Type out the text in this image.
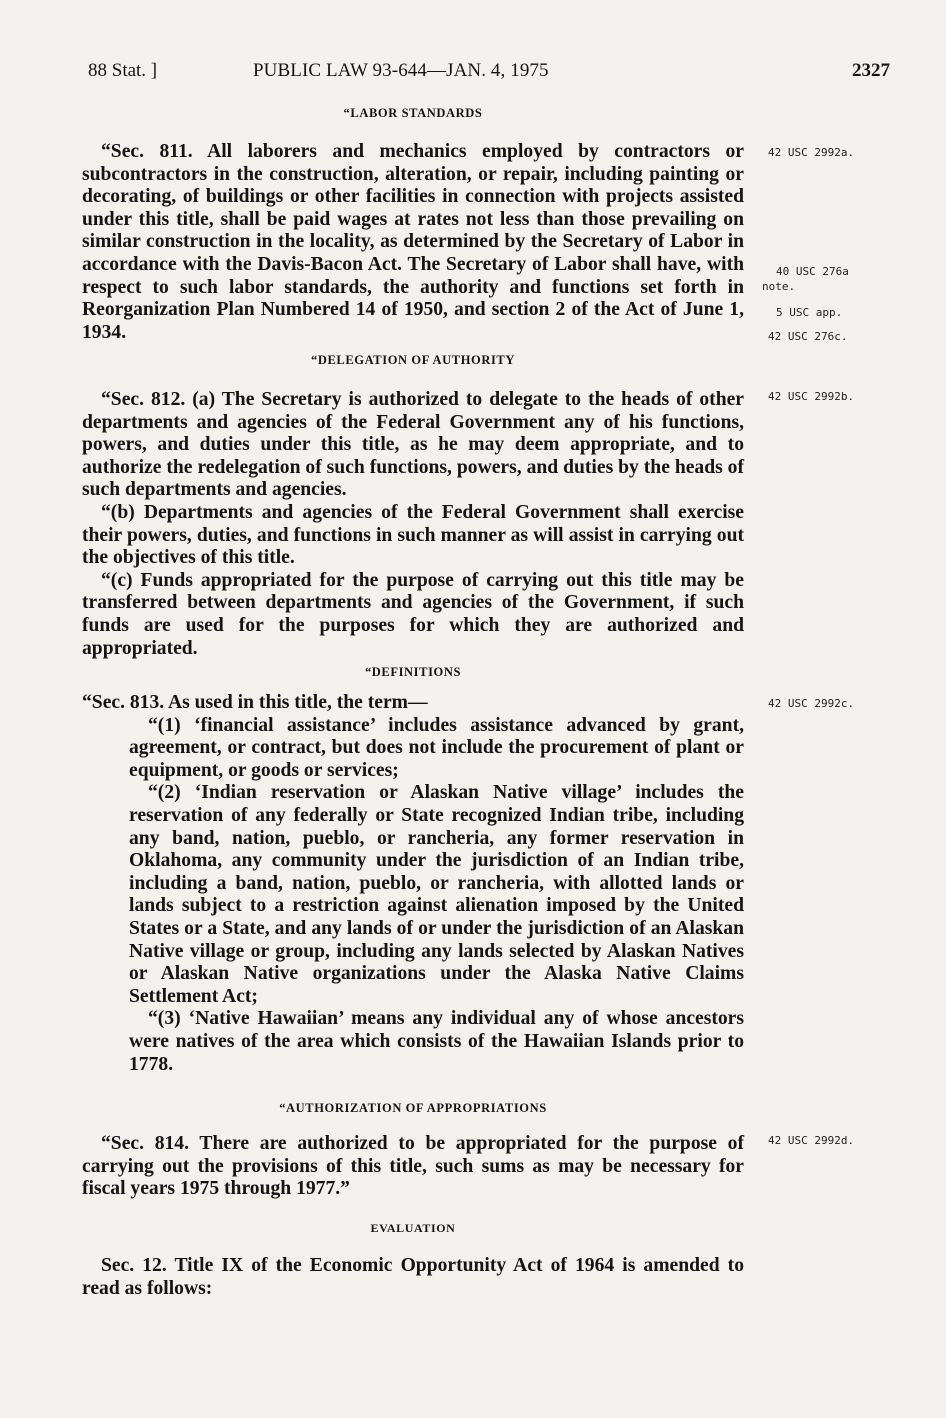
88 Stat. ]	PUBLIC LAW 93-644—JAN. 4, 1975	2327
“LABOR STANDARDS

“Sec. 811. All laborers and mechanics employed by contractors or subcontractors in the construction, alteration, or repair, including painting or decorating, of buildings or other facilities in connection with projects assisted under this title, shall be paid wages at rates not less than those prevailing on similar construction in the locality, as determined by the Secretary of Labor in accordance with the Davis-Bacon Act. The Secretary of Labor shall have, with respect to such labor standards, the authority and functions set forth in Reorganization Plan Numbered 14 of 1950, and section 2 of the Act of June 1, 1934.

“DELEGATION OF AUTHORITY

“Sec. 812. (a) The Secretary is authorized to delegate to the heads of other departments and agencies of the Federal Government any of his functions, powers, and duties under this title, as he may deem appropriate, and to authorize the redelegation of such functions, powers, and duties by the heads of such departments and agencies.

“(b) Departments and agencies of the Federal Government shall exercise their powers, duties, and functions in such manner as will assist in carrying out the objectives of this title.

“(c) Funds appropriated for the purpose of carrying out this title may be transferred between departments and agencies of the Government, if such funds are used for the purposes for which they are authorized and appropriated.

“DEFINITIONS

“Sec. 813. As used in this title, the term—

“(1) ‘financial assistance’ includes assistance advanced by grant, agreement, or contract, but does not include the procurement of plant or equipment, or goods or services;

“(2) ‘Indian reservation or Alaskan Native village’ includes the reservation of any federally or State recognized Indian tribe, including any band, nation, pueblo, or rancheria, any former reservation in Oklahoma, any community under the jurisdiction of an Indian tribe, including a band, nation, pueblo, or rancheria, with allotted lands or lands subject to a restriction against alienation imposed by the United States or a State, and any lands of or under the jurisdiction of an Alaskan Native village or group, including any lands selected by Alaskan Natives or Alaskan Native organizations under the Alaska Native Claims Settlement Act;

“(3) ‘Native Hawaiian’ means any individual any of whose ancestors were natives of the area which consists of the Hawaiian Islands prior to 1778.

“AUTHORIZATION OF APPROPRIATIONS

“Sec. 814. There are authorized to be appropriated for the purpose of carrying out the provisions of this title, such sums as may be necessary for fiscal years 1975 through 1977.”

EVALUATION

Sec. 12. Title IX of the Economic Opportunity Act of 1964 is amended to read as follows:

42 USC 2992a.
40 USC 276a
note.
5 USC app.
42 USC 276c.
42 USC 2992b.
42 USC 2992c.
42 USC 2992d.
